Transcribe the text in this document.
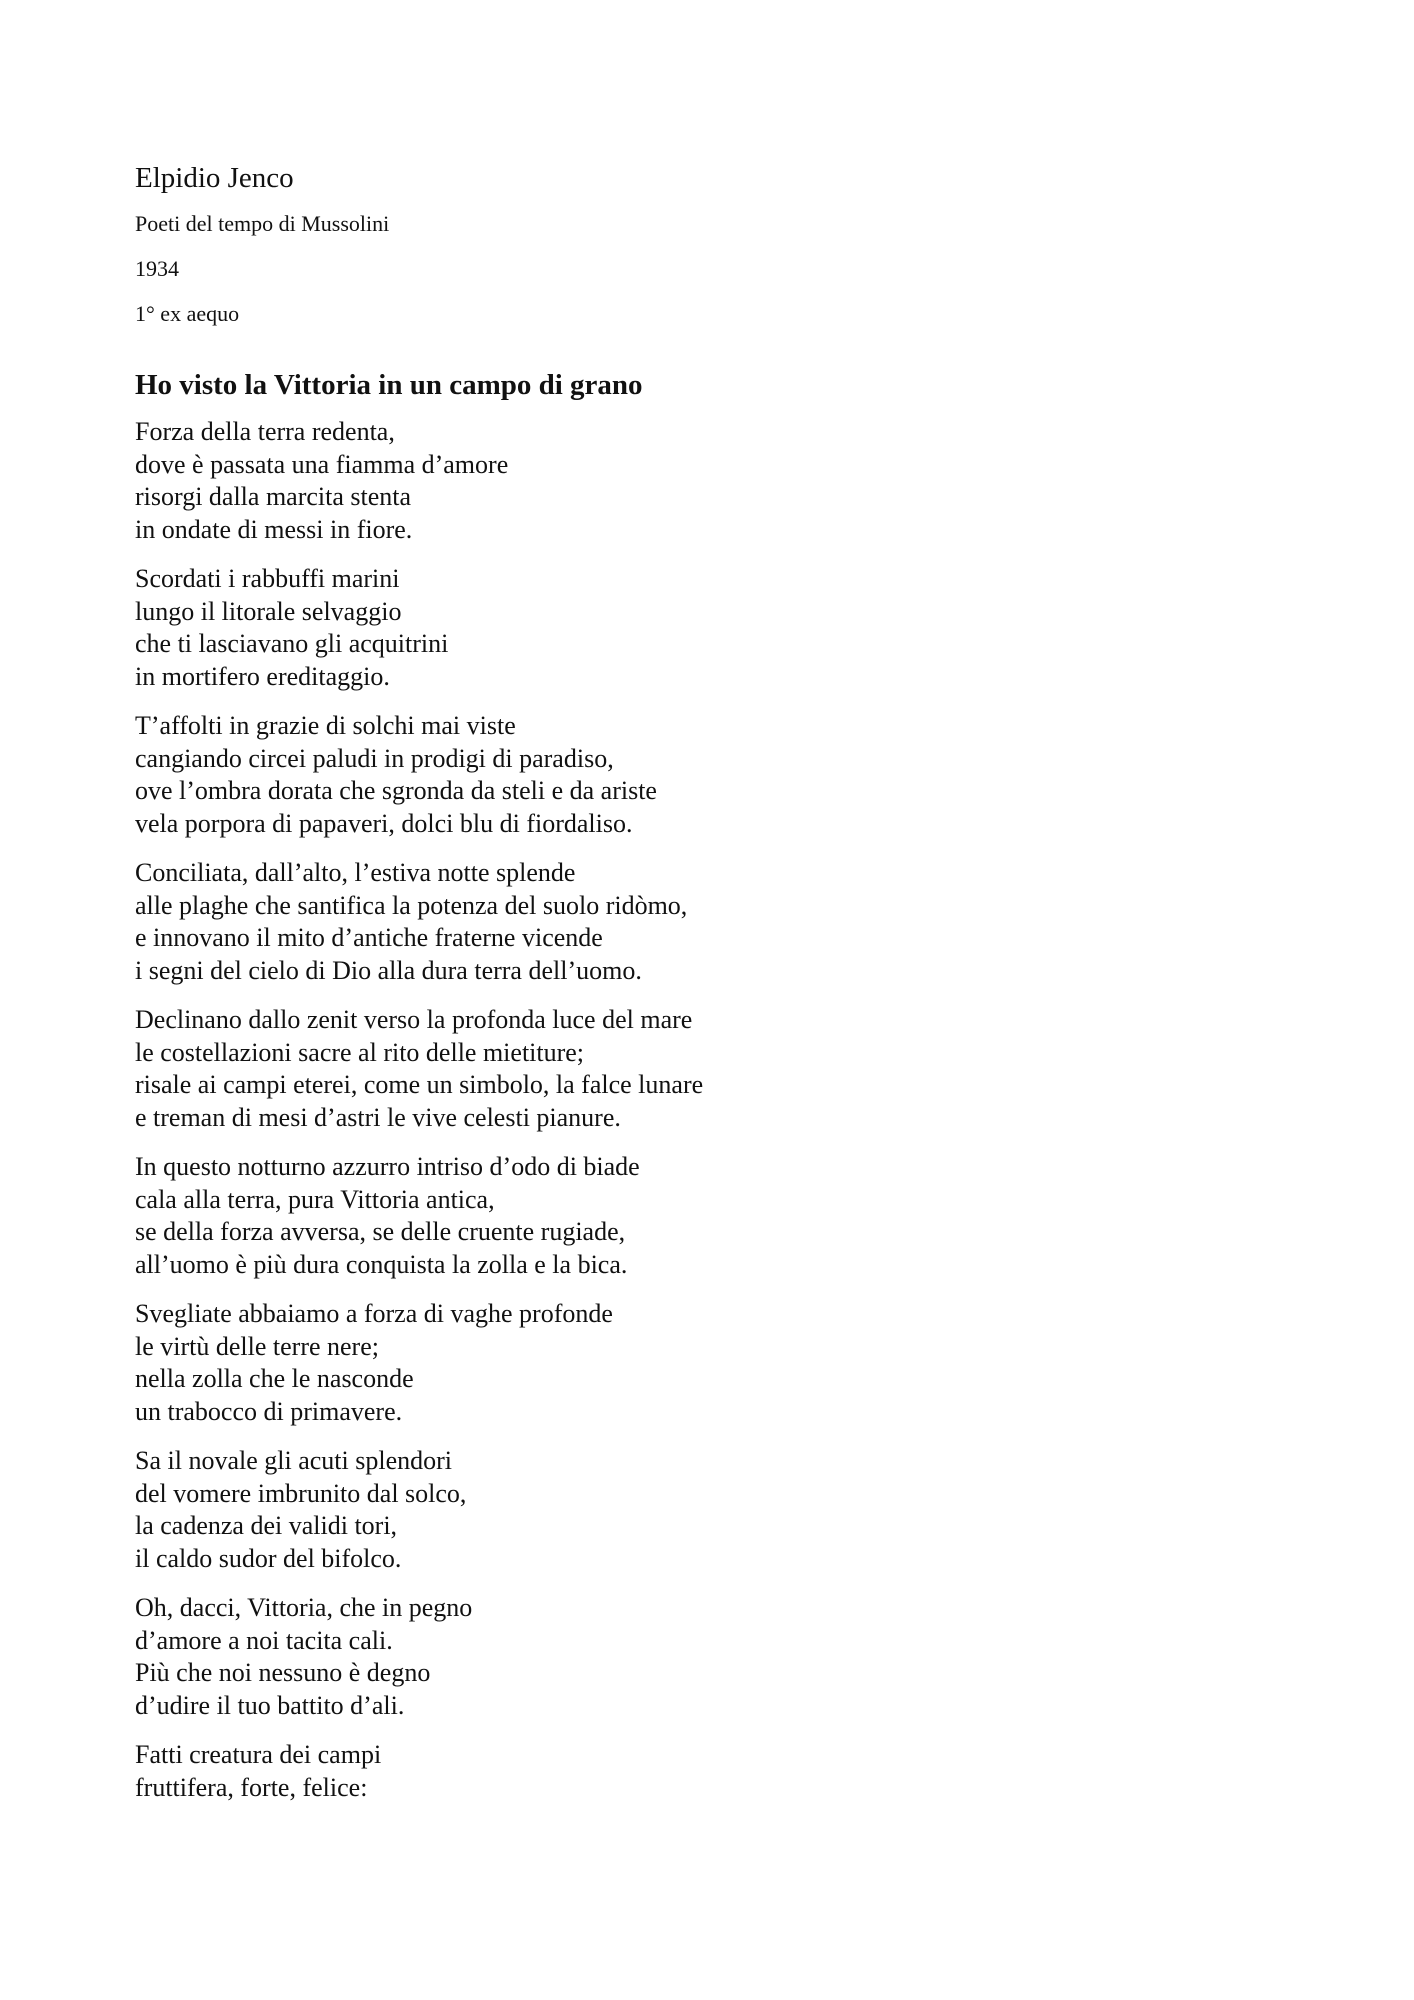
Elpidio Jenco
Poeti del tempo di Mussolini
1934
1° ex aequo
Ho visto la Vittoria in un campo di grano
Forza della terra redenta,
dove è passata una fiamma d’amore
risorgi dalla marcita stenta
in ondate di messi in fiore.
Scordati i rabbuffi marini
lungo il litorale selvaggio
che ti lasciavano gli acquitrini
in mortifero ereditaggio.
T’affolti in grazie di solchi mai viste
cangiando circei paludi in prodigi di paradiso,
ove l’ombra dorata che sgronda da steli e da ariste
vela porpora di papaveri, dolci blu di fiordaliso.
Conciliata, dall’alto, l’estiva notte splende
alle plaghe che santifica la potenza del suolo ridòmo,
e innovano il mito d’antiche fraterne vicende
i segni del cielo di Dio alla dura terra dell’uomo.
Declinano dallo zenit verso la profonda luce del mare
le costellazioni sacre al rito delle mietiture;
risale ai campi eterei, come un simbolo, la falce lunare
e treman di mesi d’astri le vive celesti pianure.
In questo notturno azzurro intriso d’odo di biade
cala alla terra, pura Vittoria antica,
se della forza avversa, se delle cruente rugiade,
all’uomo è più dura conquista la zolla e la bica.
Svegliate abbaiamo a forza di vaghe profonde
le virtù delle terre nere;
nella zolla che le nasconde
un trabocco di primavere.
Sa il novale gli acuti splendori
del vomere imbrunito dal solco,
la cadenza dei validi tori,
il caldo sudor del bifolco.
Oh, dacci, Vittoria, che in pegno
d’amore a noi tacita cali.
Più che noi nessuno è degno
d’udire il tuo battito d’ali.
Fatti creatura dei campi
fruttifera, forte, felice:
